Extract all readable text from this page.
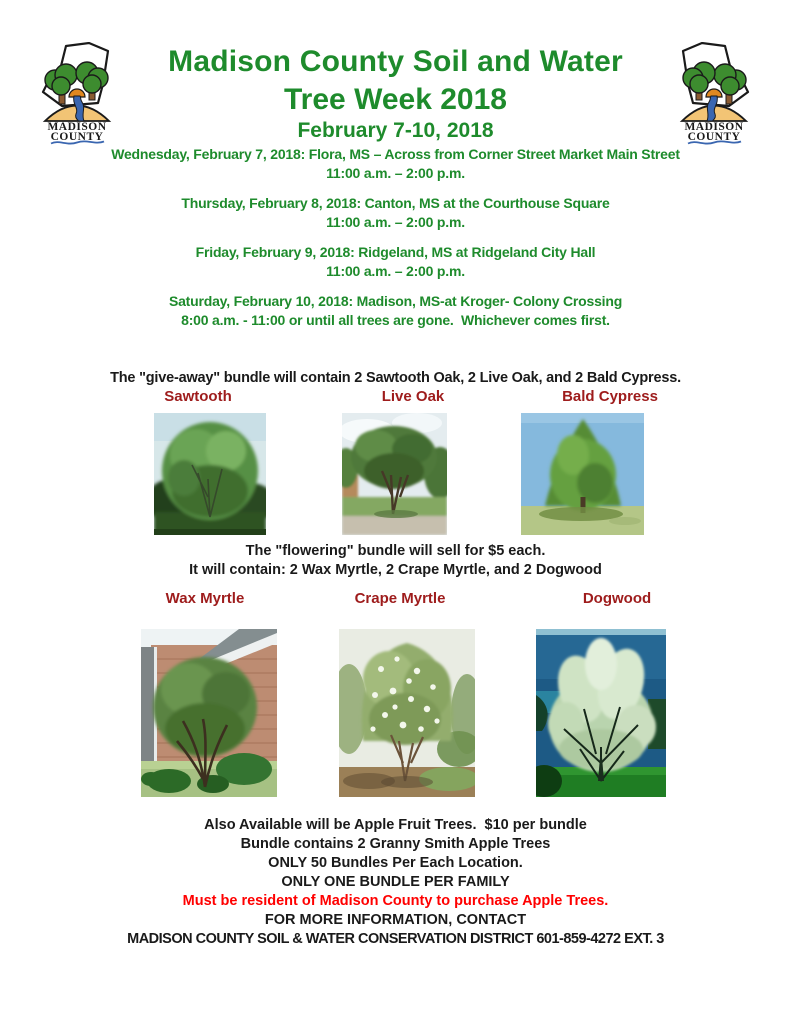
MADISON
COUNTY
MADISON
COUNTY
Madison County Soil and Water
Tree Week 2018
February 7-10, 2018
Wednesday, February 7, 2018: Flora, MS – Across from Corner Street Market Main Street
11:00 a.m. – 2:00 p.m.
Thursday, February 8, 2018: Canton, MS at the Courthouse Square
11:00 a.m. – 2:00 p.m.
Friday, February 9, 2018: Ridgeland, MS at Ridgeland City Hall
11:00 a.m. – 2:00 p.m.
Saturday, February 10, 2018: Madison, MS-at Kroger- Colony Crossing
8:00 a.m. - 11:00 or until all trees are gone.  Whichever comes first.
The "give-away" bundle will contain 2 Sawtooth Oak, 2 Live Oak, and 2 Bald Cypress.
Sawtooth	Live Oak	Bald Cypress
The "flowering" bundle will sell for $5 each.
It will contain: 2 Wax Myrtle, 2 Crape Myrtle, and 2 Dogwood
Wax Myrtle	Crape Myrtle	Dogwood
Also Available will be Apple Fruit Trees.  $10 per bundle
Bundle contains 2 Granny Smith Apple Trees
ONLY 50 Bundles Per Each Location.
ONLY ONE BUNDLE PER FAMILY
Must be resident of Madison County to purchase Apple Trees.
FOR MORE INFORMATION, CONTACT
MADISON COUNTY SOIL & WATER CONSERVATION DISTRICT 601-859-4272 EXT. 3
